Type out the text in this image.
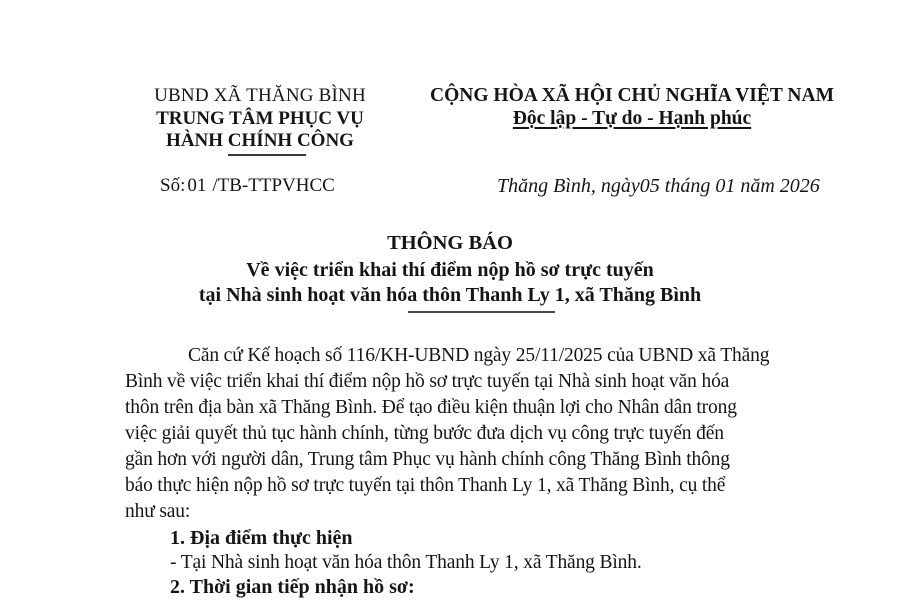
UBND XÃ THĂNG BÌNH
TRUNG TÂM PHỤC VỤ
HÀNH CHÍNH CÔNG
CỘNG HÒA XÃ HỘI CHỦ NGHĨA VIỆT NAM
Độc lập - Tự do - Hạnh phúc
Số: 01 /TB-TTPVHCC	Thăng Bình, ngày05 tháng 01 năm 2026
THÔNG BÁO
Về việc triển khai thí điểm nộp hồ sơ trực tuyến
tại Nhà sinh hoạt văn hóa thôn Thanh Ly 1, xã Thăng Bình
Căn cứ Kế hoạch số 116/KH-UBND ngày 25/11/2025 của UBND xã Thăng
Bình về việc triển khai thí điểm nộp hồ sơ trực tuyến tại Nhà sinh hoạt văn hóa
thôn trên địa bàn xã Thăng Bình. Để tạo điều kiện thuận lợi cho Nhân dân trong
việc giải quyết thủ tục hành chính, từng bước đưa dịch vụ công trực tuyến đến
gần hơn với người dân, Trung tâm Phục vụ hành chính công Thăng Bình thông
báo thực hiện nộp hồ sơ trực tuyến tại thôn Thanh Ly 1, xã Thăng Bình, cụ thể
như sau:
1. Địa điểm thực hiện
- Tại Nhà sinh hoạt văn hóa thôn Thanh Ly 1, xã Thăng Bình.
2. Thời gian tiếp nhận hồ sơ:
